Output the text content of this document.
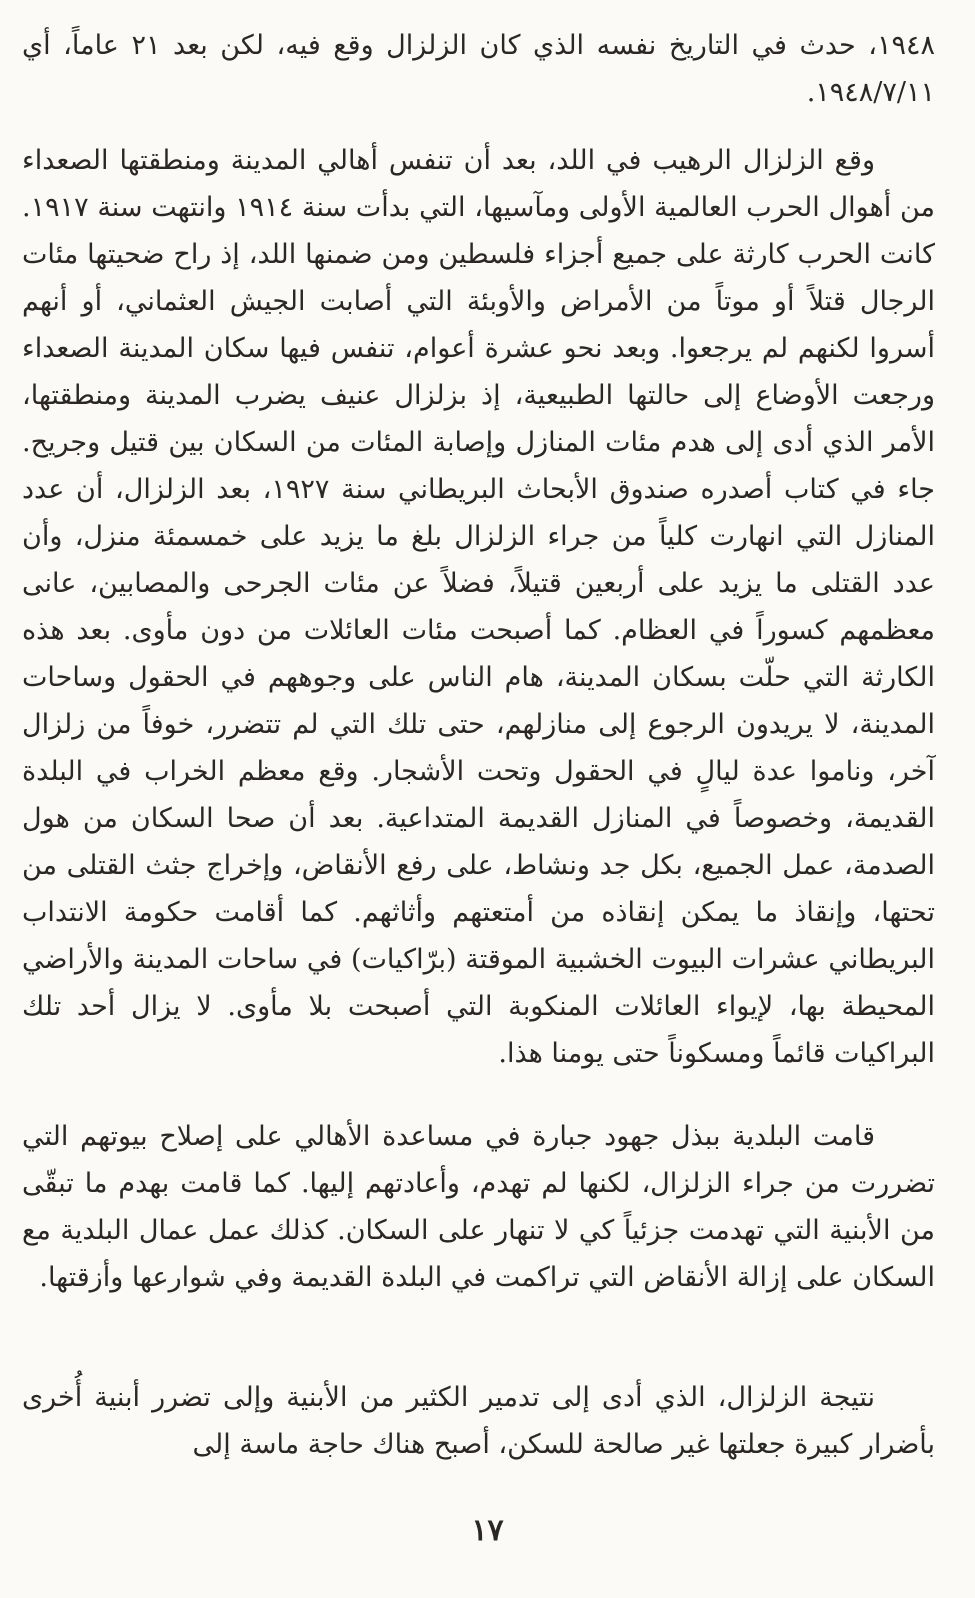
١٩٤٨، حدث في التاريخ نفسه الذي كان الزلزال وقع فيه، لكن بعد ٢١ عاماً، أي ١٩٤٨/٧/١١.

وقع الزلزال الرهيب في اللد، بعد أن تنفس أهالي المدينة ومنطقتها الصعداء من أهوال الحرب العالمية الأولى ومآسيها، التي بدأت سنة ١٩١٤ وانتهت سنة ١٩١٧. كانت الحرب كارثة على جميع أجزاء فلسطين ومن ضمنها اللد، إذ راح ضحيتها مئات الرجال قتلاً أو موتاً من الأمراض والأوبئة التي أصابت الجيش العثماني، أو أنهم أسروا لكنهم لم يرجعوا. وبعد نحو عشرة أعوام، تنفس فيها سكان المدينة الصعداء ورجعت الأوضاع إلى حالتها الطبيعية، إذ بزلزال عنيف يضرب المدينة ومنطقتها، الأمر الذي أدى إلى هدم مئات المنازل وإصابة المئات من السكان بين قتيل وجريح. جاء في كتاب أصدره صندوق الأبحاث البريطاني سنة ١٩٢٧، بعد الزلزال، أن عدد المنازل التي انهارت كلياً من جراء الزلزال بلغ ما يزيد على خمسمئة منزل، وأن عدد القتلى ما يزيد على أربعين قتيلاً، فضلاً عن مئات الجرحى والمصابين، عانى معظمهم كسوراً في العظام. كما أصبحت مئات العائلات من دون مأوى. بعد هذه الكارثة التي حلّت بسكان المدينة، هام الناس على وجوههم في الحقول وساحات المدينة، لا يريدون الرجوع إلى منازلهم، حتى تلك التي لم تتضرر، خوفاً من زلزال آخر، وناموا عدة ليالٍ في الحقول وتحت الأشجار. وقع معظم الخراب في البلدة القديمة، وخصوصاً في المنازل القديمة المتداعية. بعد أن صحا السكان من هول الصدمة، عمل الجميع، بكل جد ونشاط، على رفع الأنقاض، وإخراج جثث القتلى من تحتها، وإنقاذ ما يمكن إنقاذه من أمتعتهم وأثاثهم. كما أقامت حكومة الانتداب البريطاني عشرات البيوت الخشبية الموقتة (برّاكيات) في ساحات المدينة والأراضي المحيطة بها، لإيواء العائلات المنكوبة التي أصبحت بلا مأوى. لا يزال أحد تلك البراكيات قائماً ومسكوناً حتى يومنا هذا.

قامت البلدية ببذل جهود جبارة في مساعدة الأهالي على إصلاح بيوتهم التي تضررت من جراء الزلزال، لكنها لم تهدم، وأعادتهم إليها. كما قامت بهدم ما تبقّى من الأبنية التي تهدمت جزئياً كي لا تنهار على السكان. كذلك عمل عمال البلدية مع السكان على إزالة الأنقاض التي تراكمت في البلدة القديمة وفي شوارعها وأزقتها.

نتيجة الزلزال، الذي أدى إلى تدمير الكثير من الأبنية وإلى تضرر أبنية أُخرى بأضرار كبيرة جعلتها غير صالحة للسكن، أصبح هناك حاجة ماسة إلى

١٧
